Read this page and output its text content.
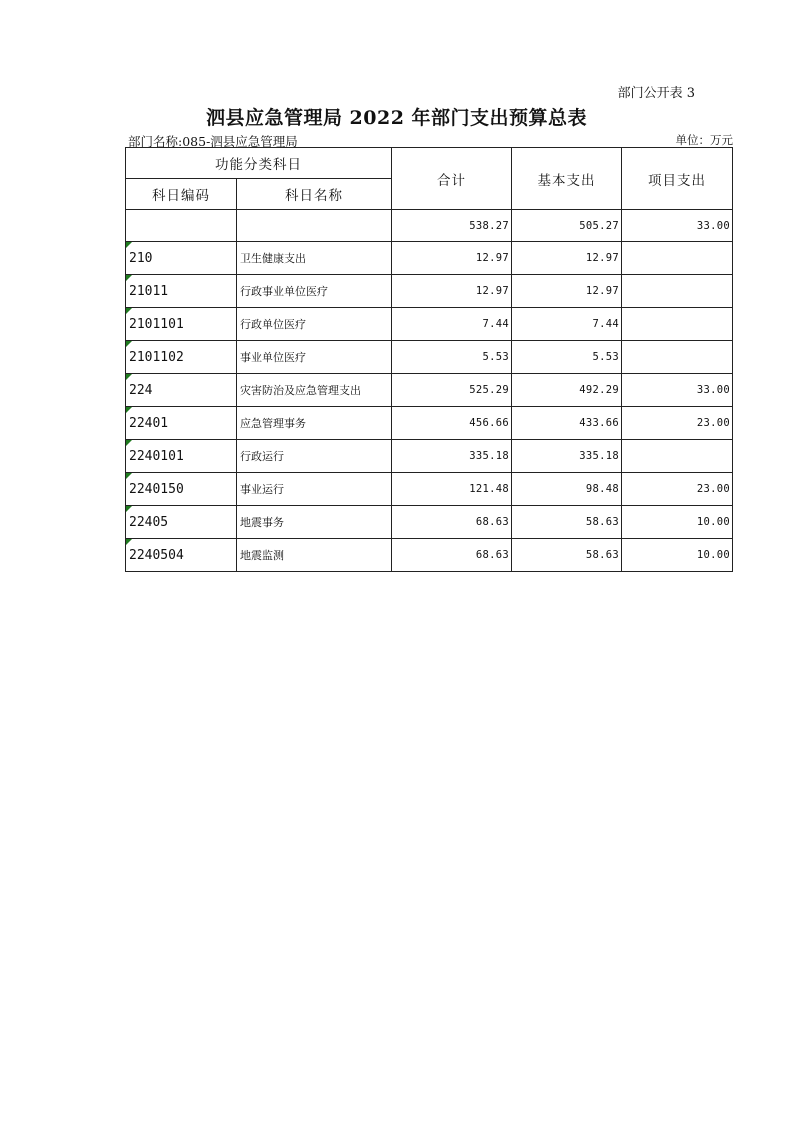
部门公开表 3
泗县应急管理局 2022 年部门支出预算总表
部门名称:085-泗县应急管理局	单位：万元
功能分类科日		合计	基本支出	项目支出
科日编码	科日名称			
		538.27	505.27	33.00

210	卫生健康支出	12.97	12.97	

21011	行政事业单位医疗	12.97	12.97	

2101101	行政单位医疗	7.44	7.44	

2101102	事业单位医疗	5.53	5.53	

224	灾害防治及应急管理支出	525.29	492.29	33.00

22401	应急管理事务	456.66	433.66	23.00

2240101	行政运行	335.18	335.18	

2240150	事业运行	121.48	98.48	23.00

22405	地震事务	68.63	58.63	10.00

2240504	地震监测	68.63	58.63	10.00
